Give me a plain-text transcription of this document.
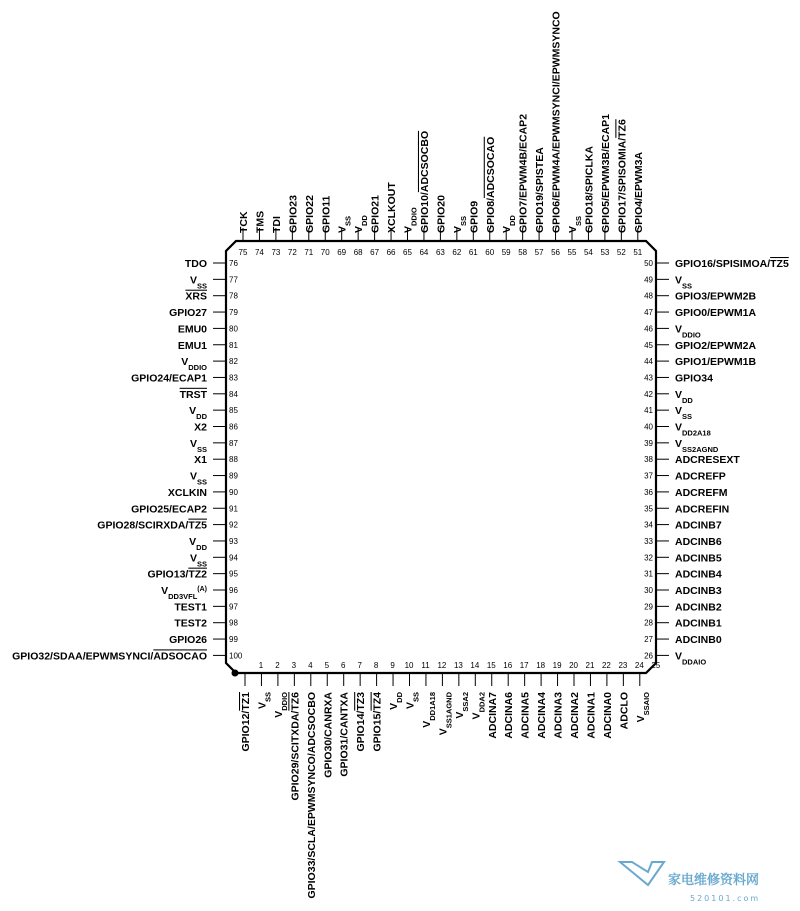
76
TDO
77
$V_{SS}$
78
XRS
79
GPIO27
80
EMU0
81
EMU1
82
$V_{DDIO}$
83
GPIO24/ECAP1
84
TRST
85
$V_{DD}$
86
X2
87
$V_{SS}$
88
X1
89
$V_{SS}$
90
XCLKIN
91
GPIO25/ECAP2
92
GPIO28/SCIRXDA/TZ5
93
$V_{DD}$
94
$V_{SS}$
95
GPIO13/TZ2
96
$V_{DD3VFL}^{(A)}$
97
TEST1
98
TEST2
99
GPIO26
100
GPIO32/SDAA/EPWMSYNCI/ADSOCAO
50 GPIO16/SPISIMOA/TZ5
49 $V_{SS}$
48 GPIO3/EPWM2B
47 GPIO0/EPWM1A
46 $V_{DDIO}$
45 GPIO2/EPWM2A
44 GPIO1/EPWM1B
43 GPIO34
42 $V_{DD}$
41 $V_{SS}$
40 $V_{DD2A18}$
39 $V_{SS2AGND}$
38 ADCRESEXT
37 ADCREFP
36 ADCREFM
35 ADCREFIN
34 ADCINB7
33 ADCINB6
32 ADCINB5
31 ADCINB4
30 ADCINB3
29 ADCINB2
28 ADCINB1
27 ADCINB0
26 $V_{DDAIO}$
75
TCK
74
TMS
73
TDI
72
GPIO23
71
GPIO22
70
GPIO11
69
$V_{SS}$
68
$V_{DD}$
67
GPIO21
66
XCLKOUT
65
$V_{DDIO}$
64
GPIO10/ADCSOCBO
63
GPIO20
62
$V_{SS}$
61
GPIO9
60
GPIO8/ADCSOCAO
59
$V_{DD}$
58
GPIO7/EPWM4B/ECAP2
57
GPIO19/SPISTEA
56
GPIO6/EPWM4A/EPWMSYNCI/EPWMSYNCO
55
$V_{SS}$
54
GPIO18/SPICLKA
53
GPIO5/EPWM3B/ECAP1
52
GPIO17/SPISOMIA/TZ6
51
GPIO4/EPWM3A
1
GPIO12/TZ1
2
$V_{SS}$
3
$V_{DDIO}$
4
GPIO29/SCITXDA/TZ6
5
GPIO33/SCLA/EPWMSYNCO/ADCSOCBO
6
GPIO30/CANRXA
7
GPIO31/CANTXA
8
GPIO14/TZ3
9
GPIO15/TZ4
10
$V_{DD}$
11
$V_{SS}$
12
$V_{DD1A18}$
13
$V_{SS1AGND}$
14
$V_{SSA2}$
15
$V_{DDA2}$
16
ADCINA7
17
ADCINA6
18
ADCINA5
19
ADCINA4
20
ADCINA3
21
ADCINA2
22
ADCINA1
23
ADCINA0
24
ADCLO
25
$V_{SSAIO}$
家电维修资料网
520101.com
